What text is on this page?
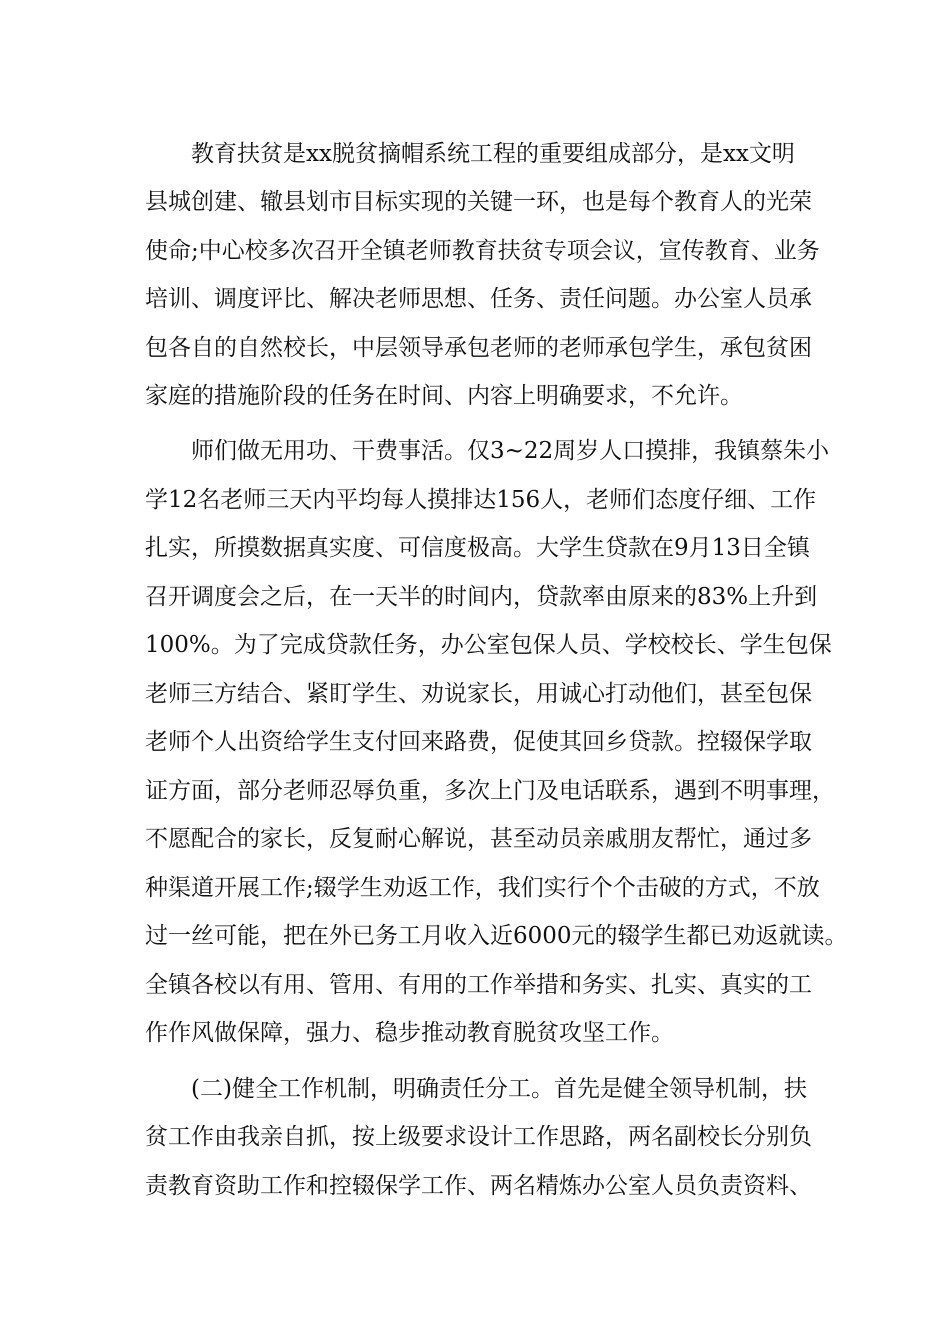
教育扶贫是xx脱贫摘帽系统工程的重要组成部分，是xx文明
县城创建、辙县划市目标实现的关键一环，也是每个教育人的光荣
使命;中心校多次召开全镇老师教育扶贫专项会议，宣传教育、业务
培训、调度评比、解决老师思想、任务、责任问题。办公室人员承
包各自的自然校长，中层领导承包老师的老师承包学生，承包贫困
家庭的措施阶段的任务在时间、内容上明确要求，不允许。
师们做无用功、干费事活。仅3~22周岁人口摸排，我镇蔡朱小
学12名老师三天内平均每人摸排达156人，老师们态度仔细、工作
扎实，所摸数据真实度、可信度极高。大学生贷款在9月13日全镇
召开调度会之后，在一天半的时间内，贷款率由原来的83%上升到
100%。为了完成贷款任务，办公室包保人员、学校校长、学生包保
老师三方结合、紧盯学生、劝说家长，用诚心打动他们，甚至包保
老师个人出资给学生支付回来路费，促使其回乡贷款。控辍保学取
证方面，部分老师忍辱负重，多次上门及电话联系，遇到不明事理，
不愿配合的家长，反复耐心解说，甚至动员亲戚朋友帮忙，通过多
种渠道开展工作;辍学生劝返工作，我们实行个个击破的方式，不放
过一丝可能，把在外已务工月收入近6000元的辍学生都已劝返就读。
全镇各校以有用、管用、有用的工作举措和务实、扎实、真实的工
作作风做保障，强力、稳步推动教育脱贫攻坚工作。
(二)健全工作机制，明确责任分工。首先是健全领导机制，扶
贫工作由我亲自抓，按上级要求设计工作思路，两名副校长分别负
责教育资助工作和控辍保学工作、两名精炼办公室人员负责资料、
